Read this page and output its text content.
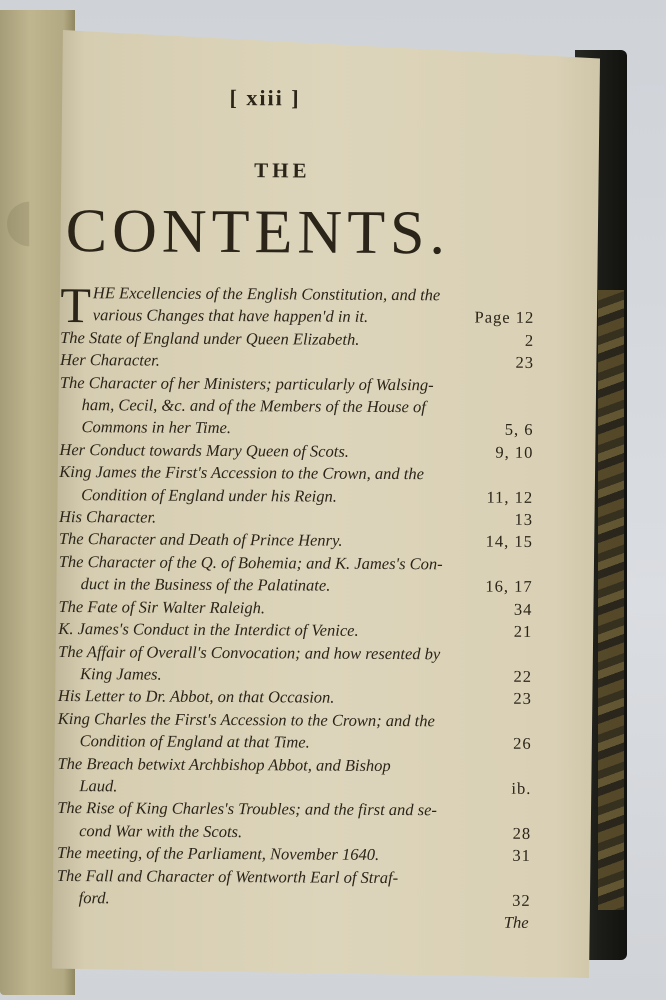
◖
[ xiii ]
THE
CONTENTS.
T HE Excellencies of the English Constitution, and the
various Changes that have happen'd in it.	Page 12
The State of England under Queen Elizabeth.	2
Her Character.	23
The Character of her Ministers; particularly of Walsing-
ham, Cecil, &c. and of the Members of the House of
Commons in her Time.	5, 6
Her Conduct towards Mary Queen of Scots.	9, 10
King James the First's Accession to the Crown, and the
Condition of England under his Reign.	11, 12
His Character.	13
The Character and Death of Prince Henry.	14, 15
The Character of the Q. of Bohemia; and K. James's Con-
duct in the Business of the Palatinate.	16, 17
The Fate of Sir Walter Raleigh.	34
K. James's Conduct in the Interdict of Venice.	21
The Affair of Overall's Convocation; and how resented by
King James.	22
His Letter to Dr. Abbot, on that Occasion.	23
King Charles the First's Accession to the Crown; and the
Condition of England at that Time.	26
The Breach betwixt Archbishop Abbot, and Bishop
Laud.	ib.
The Rise of King Charles's Troubles; and the first and se-
cond War with the Scots.	28
The meeting, of the Parliament, November 1640.	31
The Fall and Character of Wentworth Earl of Straf-
ford.	32
The
